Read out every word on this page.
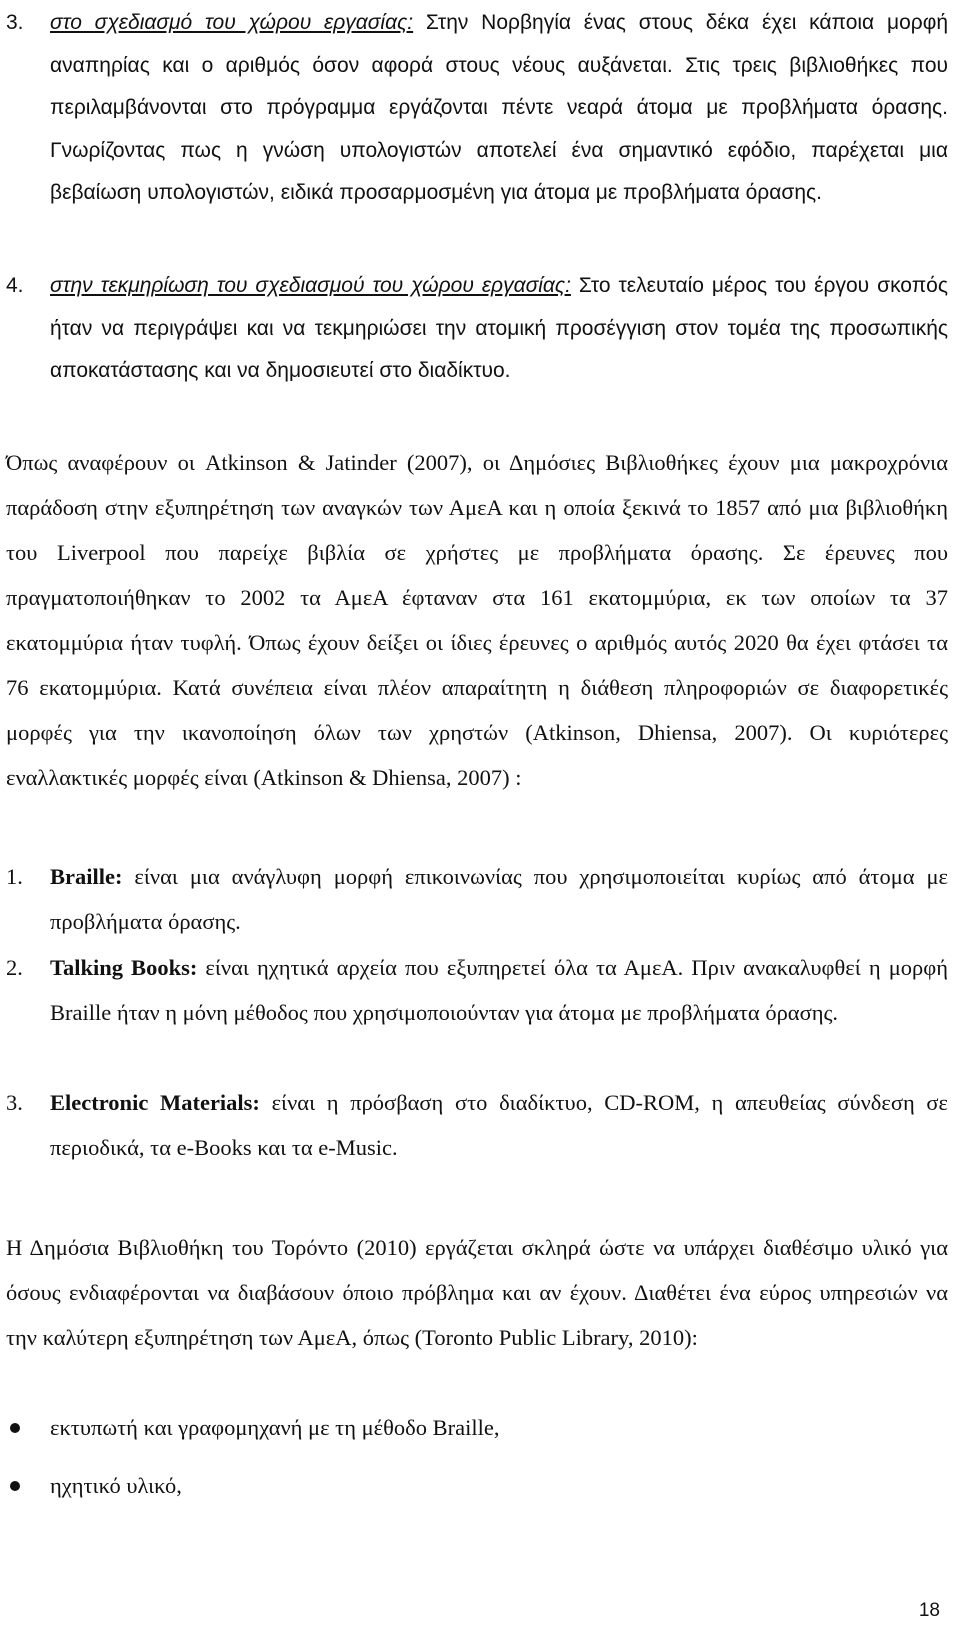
3. στο σχεδιασμό του χώρου εργασίας: Στην Νορβηγία ένας στους δέκα έχει κάποια μορφή αναπηρίας και ο αριθμός όσον αφορά στους νέους αυξάνεται. Στις τρεις βιβλιοθήκες που περιλαμβάνονται στο πρόγραμμα εργάζονται πέντε νεαρά άτομα με προβλήματα όρασης. Γνωρίζοντας πως η γνώση υπολογιστών αποτελεί ένα σημαντικό εφόδιο, παρέχεται μια βεβαίωση υπολογιστών, ειδικά προσαρμοσμένη για άτομα με προβλήματα όρασης.
4. στην τεκμηρίωση του σχεδιασμού του χώρου εργασίας: Στο τελευταίο μέρος του έργου σκοπός ήταν να περιγράψει και να τεκμηριώσει την ατομική προσέγγιση στον τομέα της προσωπικής αποκατάστασης και να δημοσιευτεί στο διαδίκτυο.

Όπως αναφέρουν οι Atkinson & Jatinder (2007), οι Δημόσιες Βιβλιοθήκες έχουν μια μακροχρόνια παράδοση στην εξυπηρέτηση των αναγκών των ΑμεΑ και η οποία ξεκινά το 1857 από μια βιβλιοθήκη του Liverpool που παρείχε βιβλία σε χρήστες με προβλήματα όρασης. Σε έρευνες που πραγματοποιήθηκαν το 2002 τα ΑμεΑ έφταναν στα 161 εκατομμύρια, εκ των οποίων τα 37 εκατομμύρια ήταν τυφλή. Όπως έχουν δείξει οι ίδιες έρευνες ο αριθμός αυτός 2020 θα έχει φτάσει τα 76 εκατομμύρια. Κατά συνέπεια είναι πλέον απαραίτητη η διάθεση πληροφοριών σε διαφορετικές μορφές για την ικανοποίηση όλων των χρηστών (Atkinson, Dhiensa, 2007). Οι κυριότερες εναλλακτικές μορφές είναι (Atkinson & Dhiensa, 2007) :

1. Braille: είναι μια ανάγλυφη μορφή επικοινωνίας που χρησιμοποιείται κυρίως από άτομα με προβλήματα όρασης.
2. Talking Books: είναι ηχητικά αρχεία που εξυπηρετεί όλα τα ΑμεΑ. Πριν ανακαλυφθεί η μορφή Braille ήταν η μόνη μέθοδος που χρησιμοποιούνταν για άτομα με προβλήματα όρασης.
3. Electronic Materials: είναι η πρόσβαση στο διαδίκτυο, CD-ROM, η απευθείας σύνδεση σε περιοδικά, τα e-Books και τα e-Music.

Η Δημόσια Βιβλιοθήκη του Τορόντο (2010) εργάζεται σκληρά ώστε να υπάρχει διαθέσιμο υλικό για όσους ενδιαφέρονται να διαβάσουν όποιο πρόβλημα και αν έχουν. Διαθέτει ένα εύρος υπηρεσιών να την καλύτερη εξυπηρέτηση των ΑμεΑ, όπως (Toronto Public Library, 2010):

εκτυπωτή και γραφομηχανή με τη μέθοδο Braille,
ηχητικό υλικό,
18
